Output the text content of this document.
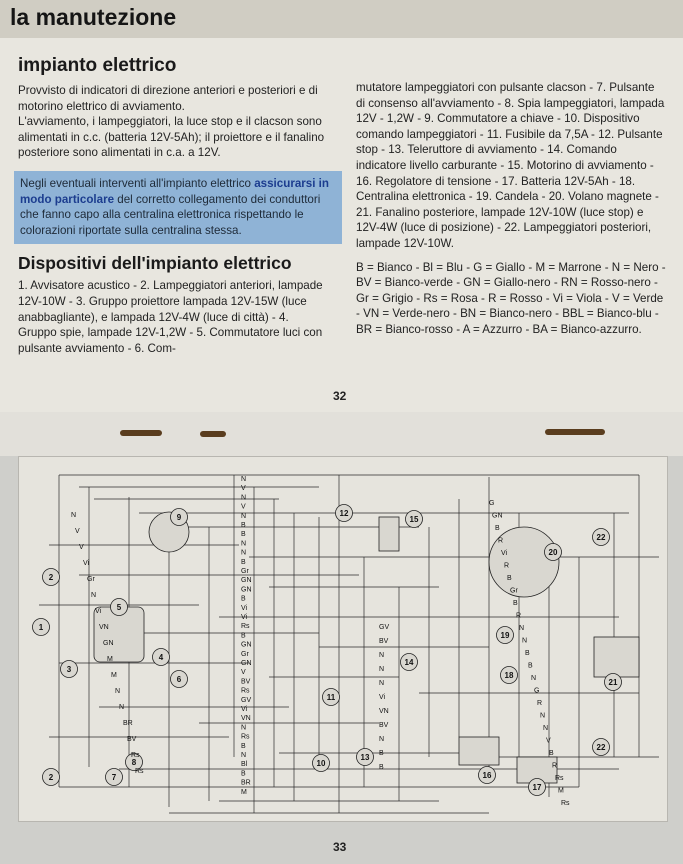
la manutezione
impianto elettrico

Provvisto di indicatori di direzione anteriori e posteriori e di motorino elettrico di avviamento.

L'avviamento, i lampeggiatori, la luce stop e il clacson sono alimentati in c.c. (batteria 12V-5Ah); il proiettore e il fanalino posteriore sono alimentati in c.a. a 12V.

Negli eventuali interventi all'impianto elettrico assicurarsi in modo particolare del corretto collegamento dei conduttori che fanno capo alla centralina elettronica rispettando le colorazioni riportate sulla centralina stessa.

Dispositivi dell'impianto elettrico

1. Avvisatore acustico - 2. Lampeggiatori anteriori, lampade 12V-10W - 3. Gruppo proiettore lampada 12V-15W (luce anabbagliante), e lampada 12V-4W (luce di città) - 4. Gruppo spie, lampade 12V-1,2W - 5. Commutatore luci con pulsante avviamento - 6. Com-

mutatore lampeggiatori con pulsante clacson - 7. Pulsante di consenso all'avviamento - 8. Spia lampeggiatori, lampada 12V - 1,2W - 9. Commutatore a chiave - 10. Dispositivo comando lampeggiatori - 11. Fusibile da 7,5A - 12. Pulsante stop - 13. Teleruttore di avviamento - 14. Comando indicatore livello carburante - 15. Motorino di avviamento - 16. Regolatore di tensione - 17. Batteria 12V-5Ah - 18. Centralina elettronica - 19. Candela - 20. Volano magnete - 21. Fanalino posteriore, lampade 12V-10W (luce stop) e 12V-4W (luce di posizione) - 22. Lampeggiatori posteriori, lampade 12V-10W.

B = Bianco - Bl = Blu - G = Giallo - M = Marrone - N = Nero - BV = Bianco-verde - GN = Giallo-nero - RN = Rosso-nero - Gr = Grigio - Rs = Rosa - R = Rosso - Vi = Viola - V = Verde - VN = Verde-nero - BN = Bianco-nero - BBL = Bianco-blu - BR = Bianco-rosso - A = Azzurro - BA = Bianco-azzurro.

32
1
2
2
3
4
5
6
7
8
9
10
11
12
13
14
15
16
17
18
19
20
21
22
22
N
V
N
V
N
B
B
N
N
B
Gr
GN
GN
B
Vi
Vi
Rs
B
GN
Gr
GN
V
BV
Rs
GV
Vi
VN
N
Rs
B
N
Bl
B
BR
M
N
V
V
Vi
Gr
N
Vi
VN
GN
M
M
N
N
BR
BV
Rs
Rs
G
GN
B
R
Vi
R
B
Gr
B
R
N
N
B
B
N
G
R
N
N
V
B
R
Rs
M
Rs
GV
BV
N
N
N
Vi
VN
BV
N
B
B
33
